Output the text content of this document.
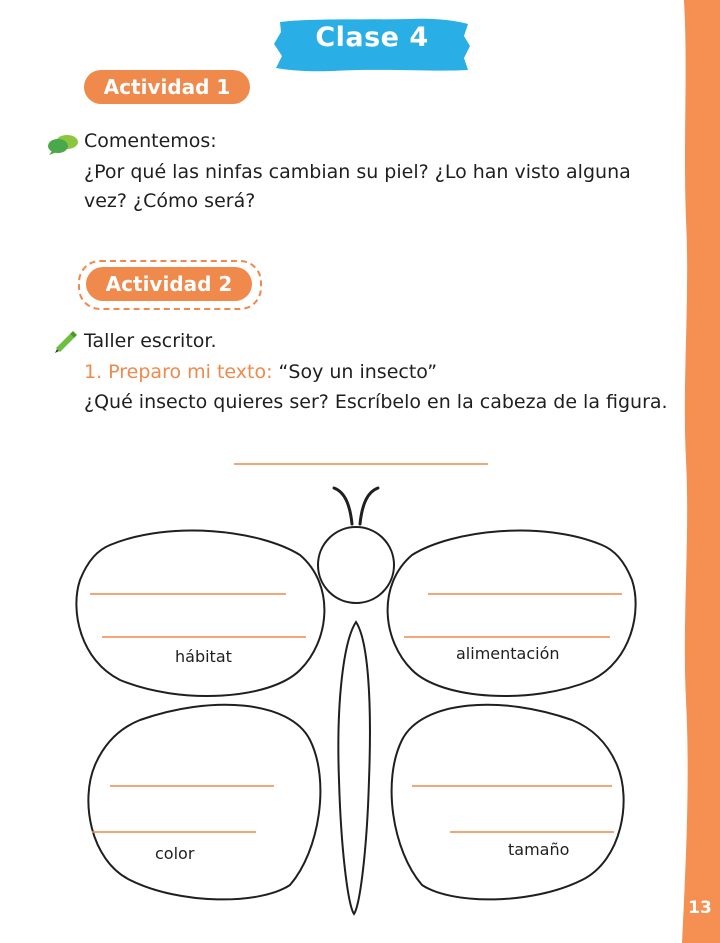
Clase 4
Actividad 1
Comentemos:
¿Por qué las ninfas cambian su piel? ¿Lo han visto alguna vez? ¿Cómo será?
Actividad 2
Taller escritor.
1. Preparo mi texto: “Soy un insecto”
¿Qué insecto quieres ser? Escríbelo en la cabeza de la figura.
hábitat	alimentación
color	tamaño
13
